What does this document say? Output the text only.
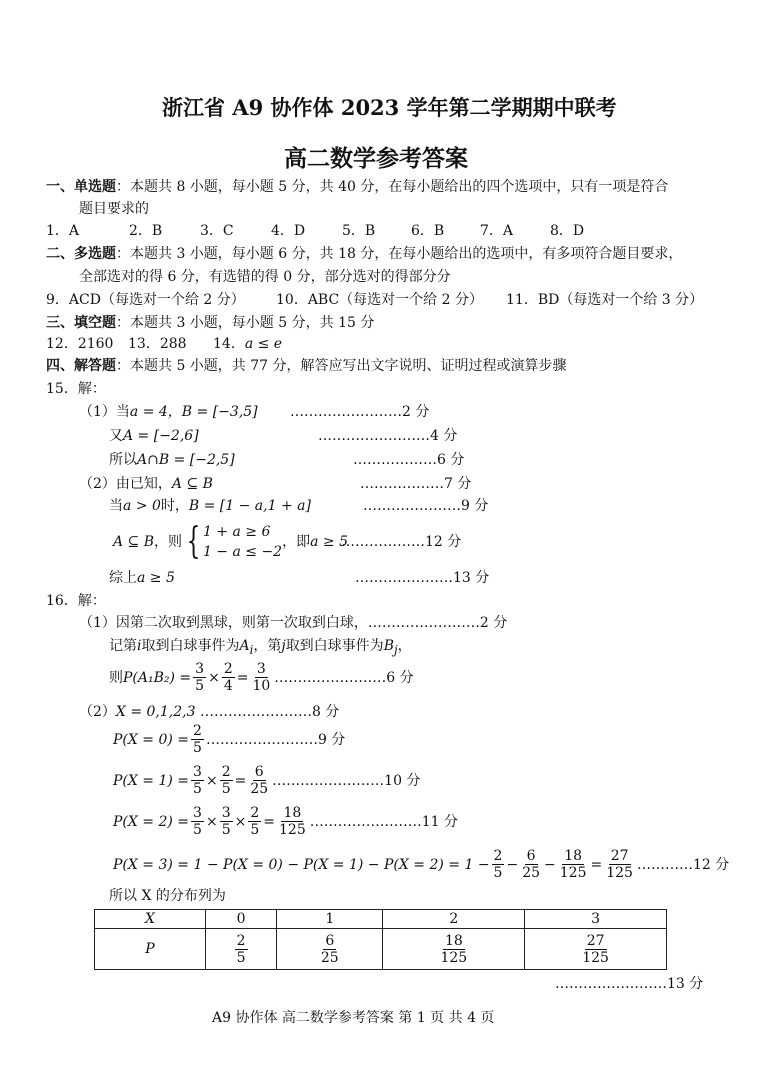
浙江省 A9 协作体 2023 学年第二学期期中联考
高二数学参考答案
一、单选题：本题共 8 小题，每小题 5 分，共 40 分，在每小题给出的四个选项中，只有一项是符合
题目要求的
1．A	2．B	3．C	4．D	5．B	6．B	7．A	8．D
二、多选题：本题共 3 小题，每小题 6 分，共 18 分，在每小题给出的选项中，有多项符合题目要求，
全部选对的得 6 分，有选错的得 0 分，部分选对的得部分分
9．ACD（每选对一个给 2 分） 10．ABC（每选对一个给 2 分） 11．BD（每选对一个给 3 分）
三、填空题：本题共 3 小题，每小题 5 分，共 15 分
12．2160 13．288 14．a ≤ e
四、解答题：本题共 5 小题，共 77 分，解答应写出文字说明、证明过程或演算步骤
15．解：
（1）当a = 4，B = [−3,5] ……………………2 分
又A = [−2,6]	……………………4 分
所以A∩B = [−2,5]	………………6 分
（2）由已知，A ⊆ B	………………7 分
当a > 0时，B = [1 − a,1 + a]	…………………9 分
A ⊆ B ，则 { 1 + a ≥ 6
1 − a ≤ −2
，即 a ≥ 5
………………12 分
综上a ≥ 5	…………………13 分
16．解：
（1）因第二次取到黑球，则第一次取到白球，……………………2 分
记第i取到白球事件为$A_i$，第j取到白球事件为$B_j$，
则 $P(A_1B_2) = \frac{3}{5} \times \frac{2}{4} = \frac{3}{10}$ ……………………6 分
（2）X = 0,1,2,3 ……………………8 分
$P(X = 0) = \frac{2}{5}$ ……………………9 分
$P(X = 1) = \frac{3}{5} \times \frac{2}{5} = \frac{6}{25}$ ……………………10 分
$P(X = 2) = \frac{3}{5} \times \frac{3}{5} \times \frac{2}{5} = \frac{18}{125}$ ……………………11 分
$P(X = 3) = 1 - P(X = 0) - P(X = 1) - P(X = 2) = 1 - \frac{2}{5} - \frac{6}{25} - \frac{18}{125} = \frac{27}{125}$ …………12 分
所以 X 的分布列为
X	0	1	2	3
P	$\frac{2}{5}$	$\frac{6}{25}$	$\frac{18}{125}$	$\frac{27}{125}$
……………………13 分
A9 协作体 高二数学参考答案 第 1 页 共 4 页
